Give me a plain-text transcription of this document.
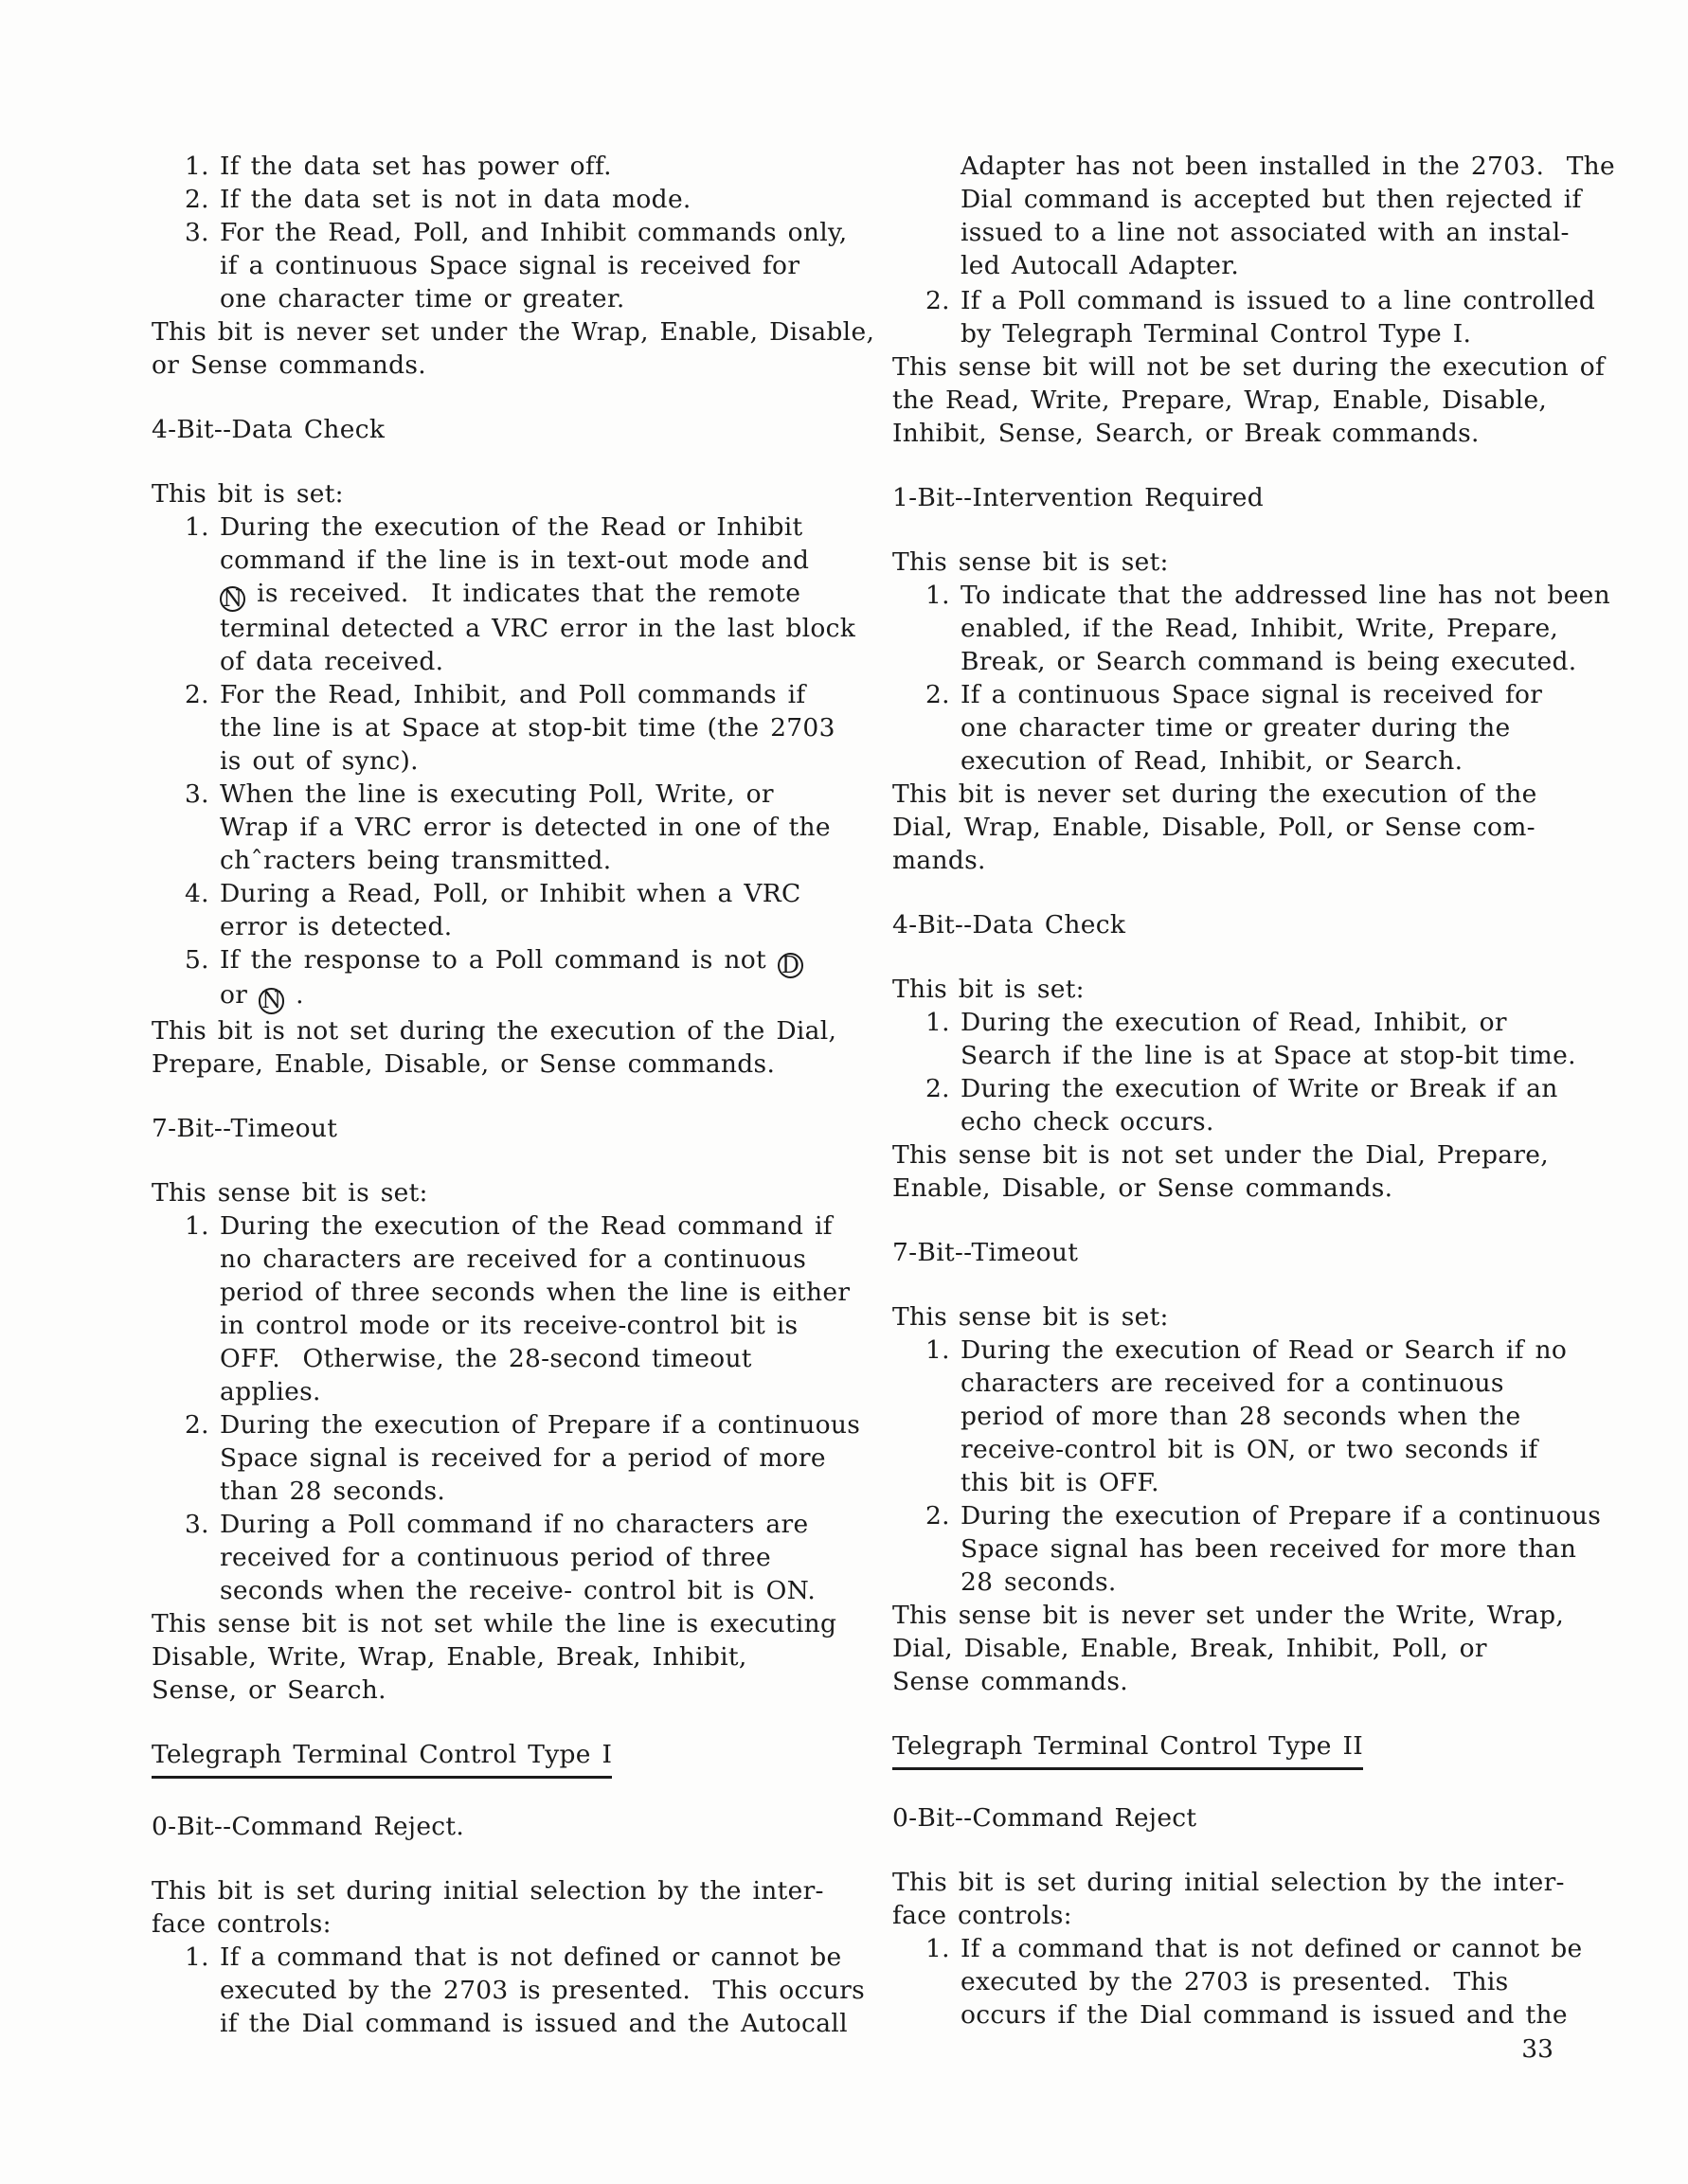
1. If the data set has power off.
2. If the data set is not in data mode.
3. For the Read, Poll, and Inhibit commands only,
if a continuous Space signal is received for
one character time or greater.
This bit is never set under the Wrap, Enable, Disable,
or Sense commands.
4-Bit--Data Check
This bit is set:
1. During the execution of the Read or Inhibit
command if the line is in text-out mode and
N is received.  It indicates that the remote
terminal detected a VRC error in the last block
of data received.
2. For the Read, Inhibit, and Poll commands if
the line is at Space at stop-bit time (the 2703
is out of sync).
3. When the line is executing Poll, Write, or
Wrap if a VRC error is detected in one of the
chˆracters being transmitted.
4. During a Read, Poll, or Inhibit when a VRC
error is detected.
5. If the response to a Poll command is not D
or N .
This bit is not set during the execution of the Dial,
Prepare, Enable, Disable, or Sense commands.
7-Bit--Timeout
This sense bit is set:
1. During the execution of the Read command if
no characters are received for a continuous
period of three seconds when the line is either
in control mode or its receive-control bit is
OFF.  Otherwise, the 28-second timeout
applies.
2. During the execution of Prepare if a continuous
Space signal is received for a period of more
than 28 seconds.
3. During a Poll command if no characters are
received for a continuous period of three
seconds when the receive- control bit is ON.
This sense bit is not set while the line is executing
Disable, Write, Wrap, Enable, Break, Inhibit,
Sense, or Search.
Telegraph Terminal Control Type I
0-Bit--Command Reject.
This bit is set during initial selection by the inter-
face controls:
1. If a command that is not defined or cannot be
executed by the 2703 is presented.  This occurs
if the Dial command is issued and the Autocall
Adapter has not been installed in the 2703.  The
Dial command is accepted but then rejected if
issued to a line not associated with an instal-
led Autocall Adapter.
2. If a Poll command is issued to a line controlled
by Telegraph Terminal Control Type I.
This sense bit will not be set during the execution of
the Read, Write, Prepare, Wrap, Enable, Disable,
Inhibit, Sense, Search, or Break commands.
1-Bit--Intervention Required
This sense bit is set:
1. To indicate that the addressed line has not been
enabled, if the Read, Inhibit, Write, Prepare,
Break, or Search command is being executed.
2. If a continuous Space signal is received for
one character time or greater during the
execution of Read, Inhibit, or Search.
This bit is never set during the execution of the
Dial, Wrap, Enable, Disable, Poll, or Sense com-
mands.
4-Bit--Data Check
This bit is set:
1. During the execution of Read, Inhibit, or
Search if the line is at Space at stop-bit time.
2. During the execution of Write or Break if an
echo check occurs.
This sense bit is not set under the Dial, Prepare,
Enable, Disable, or Sense commands.
7-Bit--Timeout
This sense bit is set:
1. During the execution of Read or Search if no
characters are received for a continuous
period of more than 28 seconds when the
receive-control bit is ON, or two seconds if
this bit is OFF.
2. During the execution of Prepare if a continuous
Space signal has been received for more than
28 seconds.
This sense bit is never set under the Write, Wrap,
Dial, Disable, Enable, Break, Inhibit, Poll, or
Sense commands.
Telegraph Terminal Control Type II
0-Bit--Command Reject
This bit is set during initial selection by the inter-
face controls:
1. If a command that is not defined or cannot be
executed by the 2703 is presented.  This
occurs if the Dial command is issued and the
33
